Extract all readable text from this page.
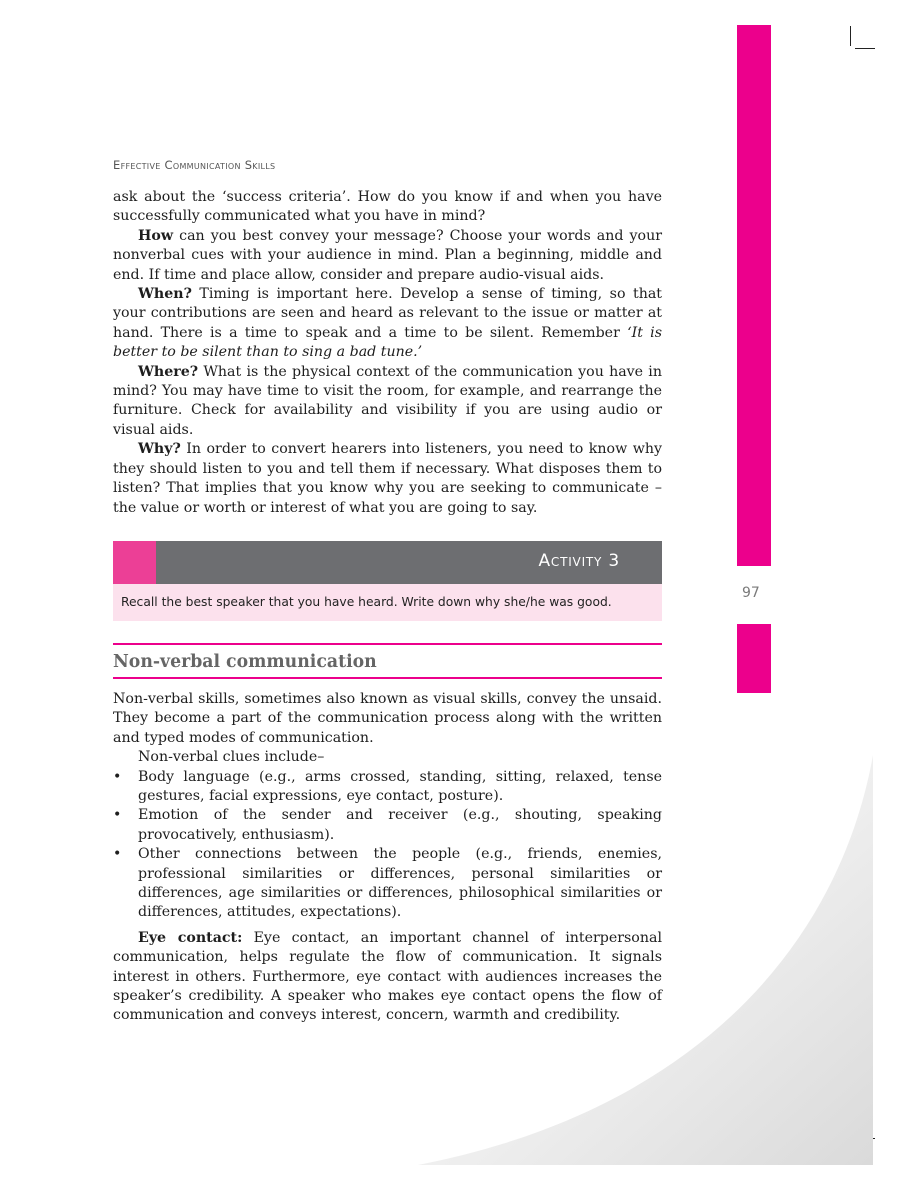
97
Effective Communication Skills

ask about the ‘success criteria’. How do you know if and when you have successfully communicated what you have in mind?

How can you best convey your message? Choose your words and your nonverbal cues with your audience in mind. Plan a beginning, middle and end. If time and place allow, consider and prepare audio-visual aids.

When? Timing is important here. Develop a sense of timing, so that your contributions are seen and heard as relevant to the issue or matter at hand. There is a time to speak and a time to be silent. Remember ‘It is better to be silent than to sing a bad tune.’

Where? What is the physical context of the communication you have in mind? You may have time to visit the room, for example, and rearrange the furniture. Check for availability and visibility if you are using audio or visual aids.

Why? In order to convert hearers into listeners, you need to know why they should listen to you and tell them if necessary. What disposes them to listen? That implies that you know why you are seeking to communicate – the value or worth or interest of what you are going to say.

Activity 3
Recall the best speaker that you have heard. Write down why she/he was good.
Non-verbal communication

Non-verbal skills, sometimes also known as visual skills, convey the unsaid. They become a part of the communication process along with the written and typed modes of communication.

Non-verbal clues include–

• Body language (e.g., arms crossed, standing, sitting, relaxed, tense gestures, facial expressions, eye contact, posture).
• Emotion of the sender and receiver (e.g., shouting, speaking provocatively, enthusiasm).
• Other connections between the people (e.g., friends, enemies, professional similarities or differences, personal similarities or differences, age similarities or differences, philosophical similarities or differences, attitudes, expectations).

Eye contact: Eye contact, an important channel of interpersonal communication, helps regulate the flow of communication. It signals interest in others. Furthermore, eye contact with audiences increases the speaker’s credibility. A speaker who makes eye contact opens the flow of communication and conveys interest, concern, warmth and credibility.
